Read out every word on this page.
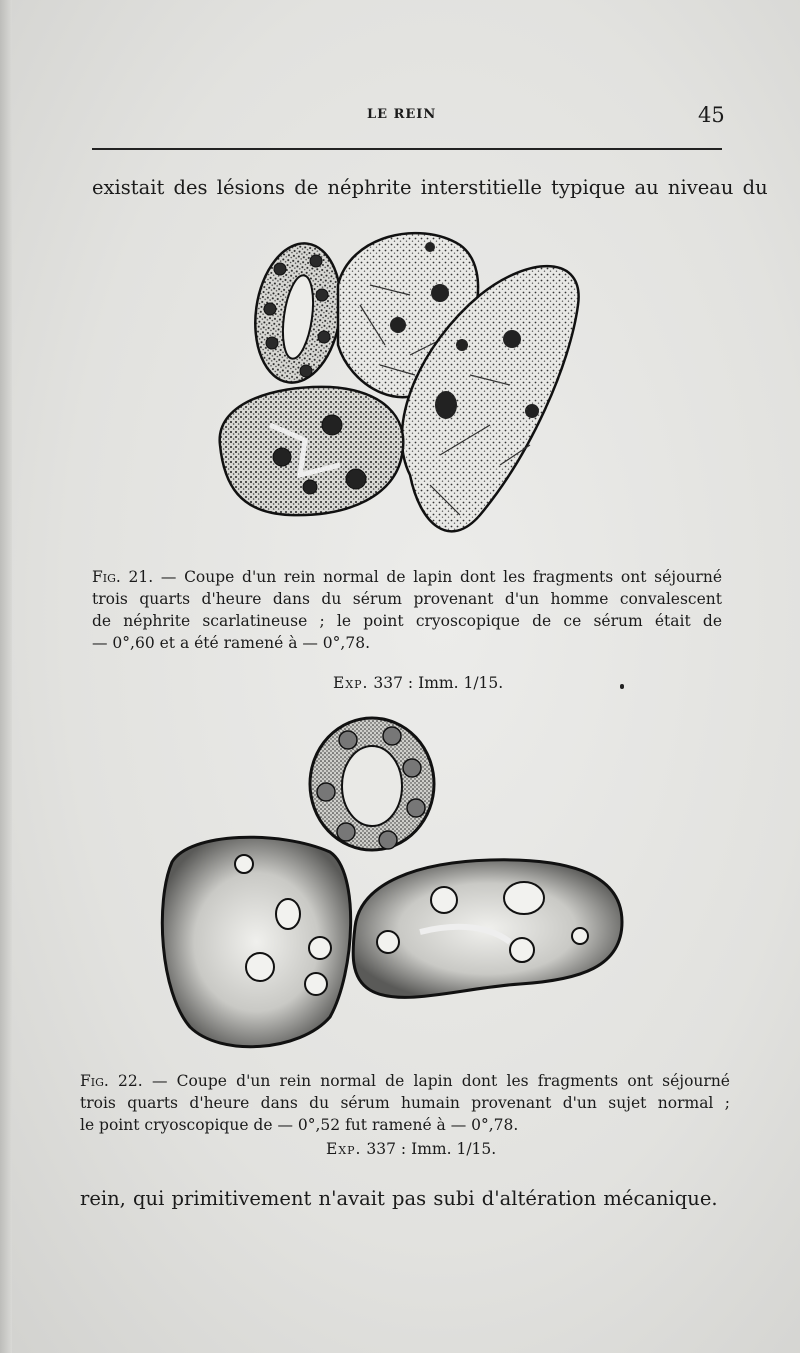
LE REIN	45
existait des lésions de néphrite interstitielle typique au niveau du
Fig. 21. — Coupe d'un rein normal de lapin dont les fragments ont séjourné
trois quarts d'heure dans du sérum provenant d'un homme convalescent
de néphrite scarlatineuse ; le point cryoscopique de ce sérum était de
— 0°,60 et a été ramené à — 0°,78.
Exp. 337 : Imm. 1/15.
Fig. 22. — Coupe d'un rein normal de lapin dont les fragments ont séjourné
trois quarts d'heure dans du sérum humain provenant d'un sujet normal ;
le point cryoscopique de — 0°,52 fut ramené à — 0°,78.
Exp. 337 : Imm. 1/15.
rein, qui primitivement n'avait pas subi d'altération mécanique.
